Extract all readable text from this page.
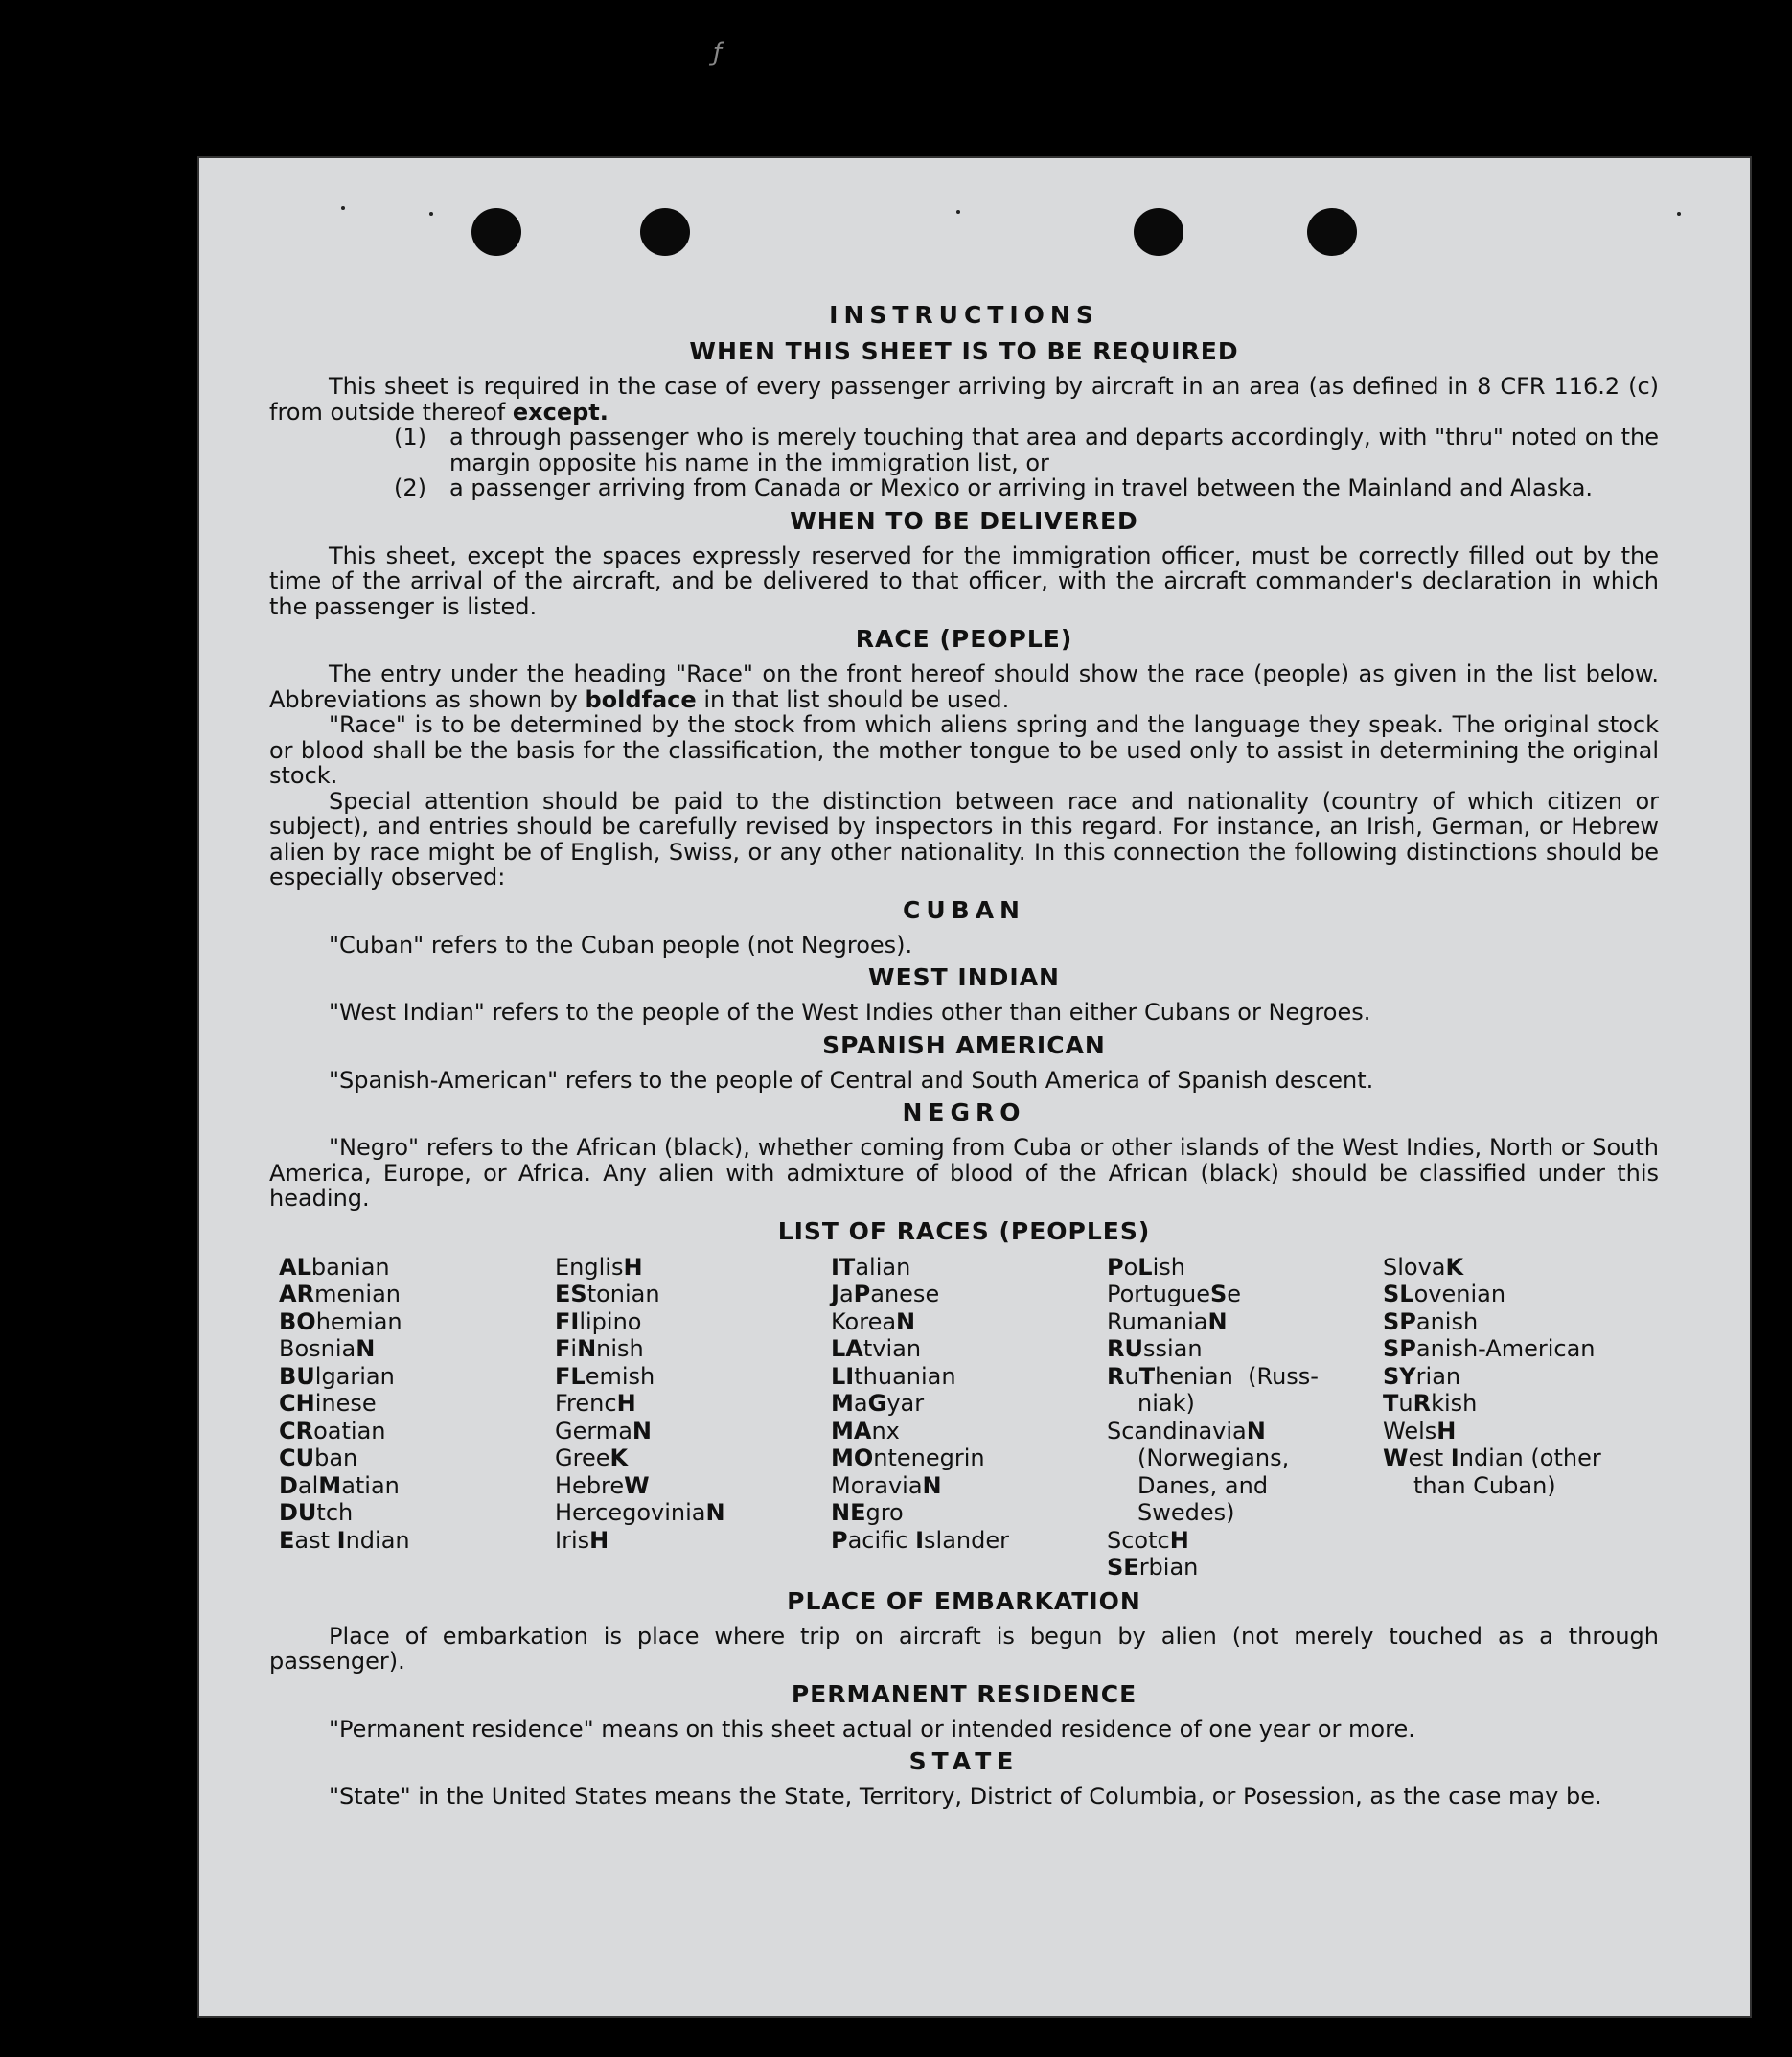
ƒ
INSTRUCTIONS
WHEN THIS SHEET IS TO BE REQUIRED

This sheet is required in the case of every passenger arriving by aircraft in an area (as defined in 8 CFR 116.2 (c) from outside thereof except.

(1)	a through passenger who is merely touching that area and departs accordingly, with "thru" noted on the margin opposite his name in the immigration list, or
(2)	a passenger arriving from Canada or Mexico or arriving in travel between the Mainland and Alaska.
WHEN TO BE DELIVERED

This sheet, except the spaces expressly reserved for the immigration officer, must be correctly filled out by the time of the arrival of the aircraft, and be delivered to that officer, with the aircraft commander's declaration in which the passenger is listed.

RACE (PEOPLE)

The entry under the heading "Race" on the front hereof should show the race (people) as given in the list below. Abbreviations as shown by boldface in that list should be used.

"Race" is to be determined by the stock from which aliens spring and the language they speak. The original stock or blood shall be the basis for the classification, the mother tongue to be used only to assist in determining the original stock.

Special attention should be paid to the distinction between race and nationality (country of which citizen or subject), and entries should be carefully revised by inspectors in this regard. For instance, an Irish, German, or Hebrew alien by race might be of English, Swiss, or any other nationality. In this connection the following distinctions should be especially observed:

CUBAN

"Cuban" refers to the Cuban people (not Negroes).

WEST INDIAN

"West Indian" refers to the people of the West Indies other than either Cubans or Negroes.

SPANISH AMERICAN

"Spanish-American" refers to the people of Central and South America of Spanish descent.

NEGRO

"Negro" refers to the African (black), whether coming from Cuba or other islands of the West Indies, North or South America, Europe, or Africa. Any alien with admixture of blood of the African (black) should be classified under this heading.

LIST OF RACES (PEOPLES)
ALbanian
ARmenian
BOhemian
BosniaN
BUlgarian
CHinese
CRoatian
CUban
DalMatian
DUtch
East Indian
EnglisH
EStonian
FIlipino
FiNnish
FLemish
FrencH
GermaN
GreeK
HebreW
HercegoviniaN
IrisH
ITalian
JaPanese
KoreaN
LAtvian
LIthuanian
MaGyar
MAnx
MOntenegrin
MoraviaN
NEgro
Pacific Islander
PoLish
PortugueSe
RumaniaN
RUssian
RuThenian  (Russ-
niak)
ScandinaviaN
(Norwegians,
Danes, and
Swedes)
ScotcH
SErbian
SlovaK
SLovenian
SPanish
SPanish-American
SYrian
TuRkish
WelsH
West Indian (other
than Cuban)
PLACE OF EMBARKATION

Place of embarkation is place where trip on aircraft is begun by alien (not merely touched as a through passenger).

PERMANENT RESIDENCE

"Permanent residence" means on this sheet actual or intended residence of one year or more.

STATE

"State" in the United States means the State, Territory, District of Columbia, or Posession, as the case may be.
